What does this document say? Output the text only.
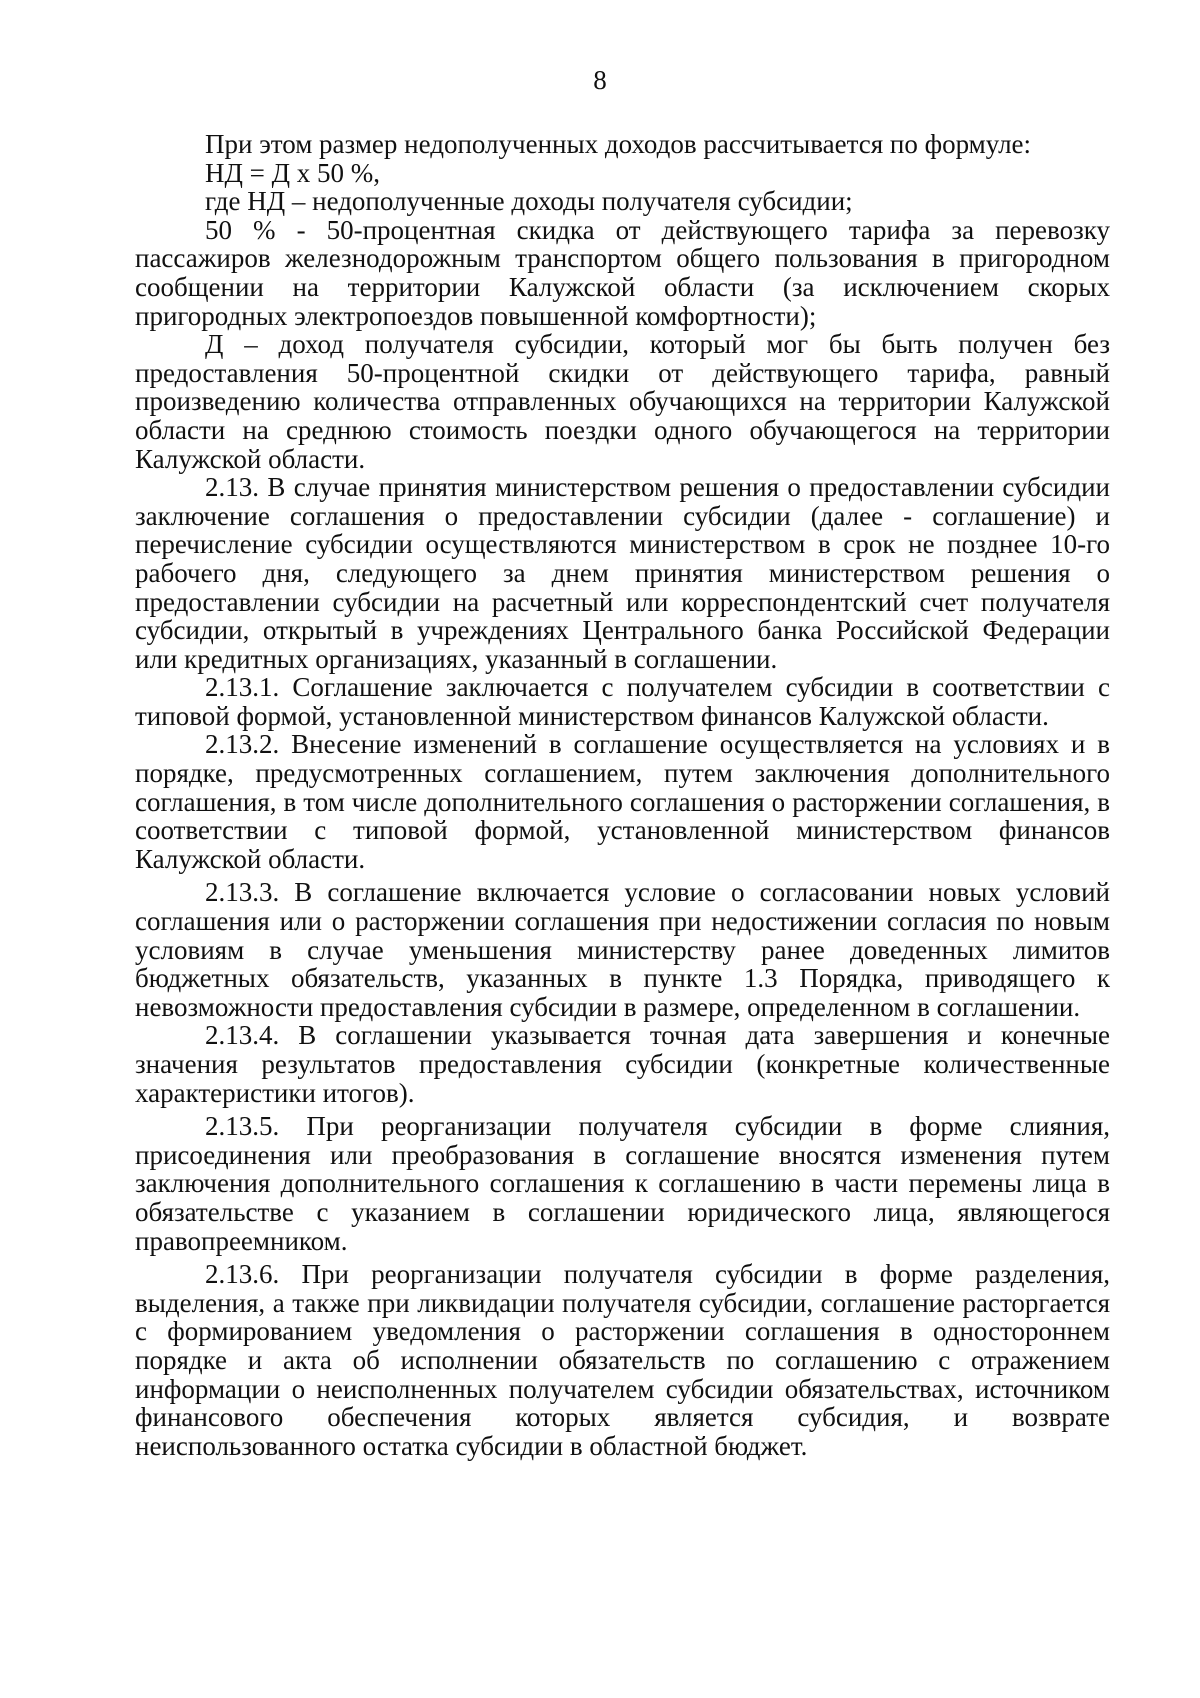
8

При этом размер недополученных доходов рассчитывается по формуле:

НД = Д х 50 %,

где НД – недополученные доходы получателя субсидии;

50 % - 50-процентная скидка от действующего тарифа за перевозку пассажиров железнодорожным транспортом общего пользования в пригородном сообщении на территории Калужской области (за исключением скорых пригородных электропоездов повышенной комфортности);

Д – доход получателя субсидии, который мог бы быть получен без предоставления 50-процентной скидки от действующего тарифа, равный произведению количества отправленных обучающихся на территории Калужской области на среднюю стоимость поездки одного обучающегося на территории Калужской области.

2.13. В случае принятия министерством решения о предоставлении субсидии заключение соглашения о предоставлении субсидии (далее - соглашение) и перечисление субсидии осуществляются министерством в срок не позднее 10-го рабочего дня, следующего за днем принятия министерством решения о предоставлении субсидии на расчетный или корреспондентский счет получателя субсидии, открытый в учреждениях Центрального банка Российской Федерации или кредитных организациях, указанный в соглашении.

2.13.1. Соглашение заключается с получателем субсидии в соответствии с типовой формой, установленной министерством финансов Калужской области.

2.13.2. Внесение изменений в соглашение осуществляется на условиях и в порядке, предусмотренных соглашением, путем заключения дополнительного соглашения, в том числе дополнительного соглашения о расторжении соглашения, в соответствии с типовой формой, установленной министерством финансов Калужской области.

2.13.3. В соглашение включается условие о согласовании новых условий соглашения или о расторжении соглашения при недостижении согласия по новым условиям в случае уменьшения министерству ранее доведенных лимитов бюджетных обязательств, указанных в пункте 1.3 Порядка, приводящего к невозможности предоставления субсидии в размере, определенном в соглашении.

2.13.4. В соглашении указывается точная дата завершения и конечные значения результатов предоставления субсидии (конкретные количественные характеристики итогов).

2.13.5. При реорганизации получателя субсидии в форме слияния, присоединения или преобразования в соглашение вносятся изменения путем заключения дополнительного соглашения к соглашению в части перемены лица в обязательстве с указанием в соглашении юридического лица, являющегося правопреемником.

2.13.6. При реорганизации получателя субсидии в форме разделения, выделения, а также при ликвидации получателя субсидии, соглашение расторгается с формированием уведомления о расторжении соглашения в одностороннем порядке и акта об исполнении обязательств по соглашению с отражением информации о неисполненных получателем субсидии обязательствах, источником финансового обеспечения которых является субсидия, и возврате неиспользованного остатка субсидии в областной бюджет.
